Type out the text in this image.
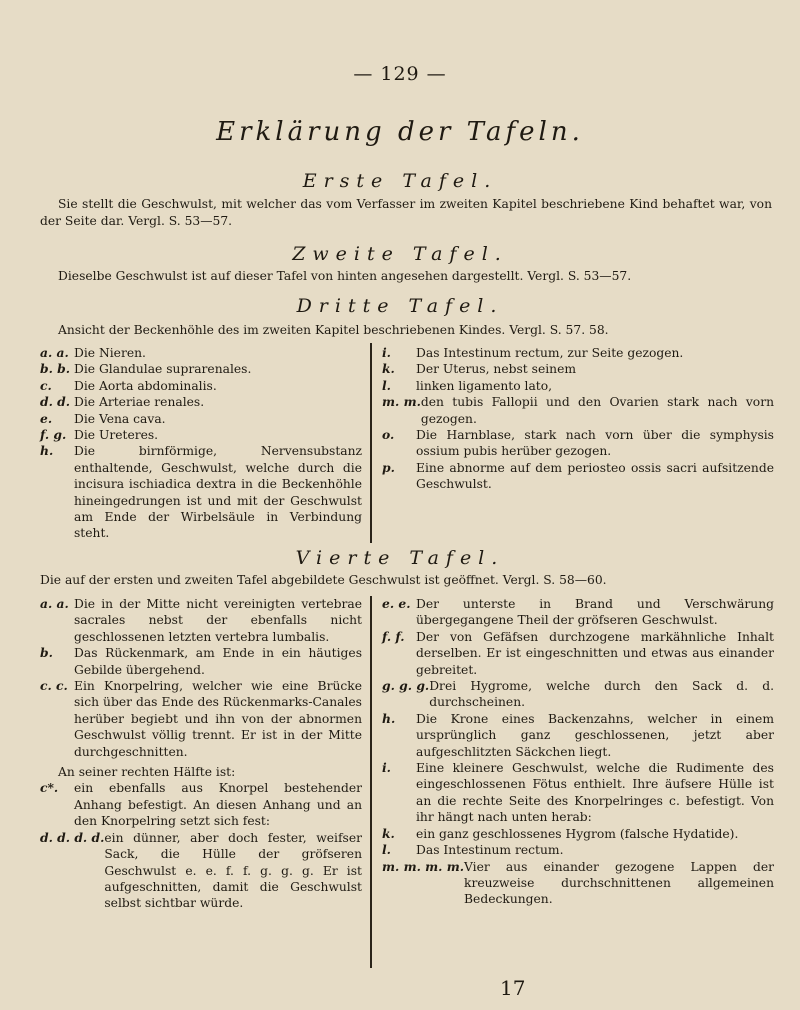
— 129 —
Erklärung der Tafeln.
Erste Tafel.

Sie stellt die Geschwulst, mit welcher das vom Verfasser im zweiten Kapitel beschriebene Kind behaftet war, von der Seite dar. Vergl. S. 53—57.

Zweite Tafel.

Dieselbe Geschwulst ist auf dieser Tafel von hinten angesehen dargestellt. Vergl. S. 53—57.

Dritte Tafel.

Ansicht der Beckenhöhle des im zweiten Kapitel beschriebenen Kindes. Vergl. S. 57. 58.

a. a. Die Nieren.
b. b. Die Glandulae suprarenales.
c.	Die Aorta abdominalis.
d. d. Die Arteriae renales.
e.	Die Vena cava.
f. g. Die Ureteres.
h.	Die birnförmige, Nervensubstanz enthaltende, Geschwulst, welche durch die incisura ischiadica dextra in die Beckenhöhle hineingedrungen ist und mit der Geschwulst am Ende der Wirbelsäule in Verbindung steht.
i.	Das Intestinum rectum, zur Seite gezogen.
k.	Der Uterus, nebst seinem
l.	linken ligamento lato,
m. m. den tubis Fallopii und den Ovarien stark nach vorn gezogen.
o.	Die Harnblase, stark nach vorn über die symphysis ossium pubis herüber gezogen.
p.	Eine abnorme auf dem periosteo ossis sacri aufsitzende Geschwulst.
Vierte Tafel.

Die auf der ersten und zweiten Tafel abgebildete Geschwulst ist geöffnet. Vergl. S. 58—60.

a. a. Die in der Mitte nicht vereinigten vertebrae sacrales nebst der ebenfalls nicht geschlossenen letzten vertebra lumbalis.
b.	Das Rückenmark, am Ende in ein häutiges Gebilde übergehend.
c. c. Ein Knorpelring, welcher wie eine Brücke sich über das Ende des Rückenmarks-Canales herüber begiebt und ihn von der abnormen Geschwulst völlig trennt. Er ist in der Mitte durchgeschnitten.

An seiner rechten Hälfte ist:

c*.	ein ebenfalls aus Knorpel bestehender Anhang befestigt. An diesen Anhang und an den Knorpelring setzt sich fest:
d. d. d. d. ein dünner, aber doch fester, weifser Sack, die Hülle der gröfseren Geschwulst e. e. f. f. g. g. g. Er ist aufgeschnitten, damit die Geschwulst selbst sichtbar würde.
e. e. Der unterste in Brand und Verschwärung übergegangene Theil der gröfseren Geschwulst.
f. f. Der von Gefäfsen durchzogene markähnliche Inhalt derselben. Er ist eingeschnitten und etwas aus einander gebreitet.
g. g. g. Drei Hygrome, welche durch den Sack d. d. durchscheinen.
h.	Die Krone eines Backenzahns, welcher in einem ursprünglich ganz geschlossenen, jetzt aber aufgeschlitzten Säckchen liegt.
i.	Eine kleinere Geschwulst, welche die Rudimente des eingeschlossenen Fötus enthielt. Ihre äufsere Hülle ist an die rechte Seite des Knorpelringes c. befestigt. Von ihr hängt nach unten herab:
k.	ein ganz geschlossenes Hygrom (falsche Hydatide).
l.	Das Intestinum rectum.
m. m. m. m. Vier aus einander gezogene Lappen der kreuzweise durchschnittenen allgemeinen Bedeckungen.
17
